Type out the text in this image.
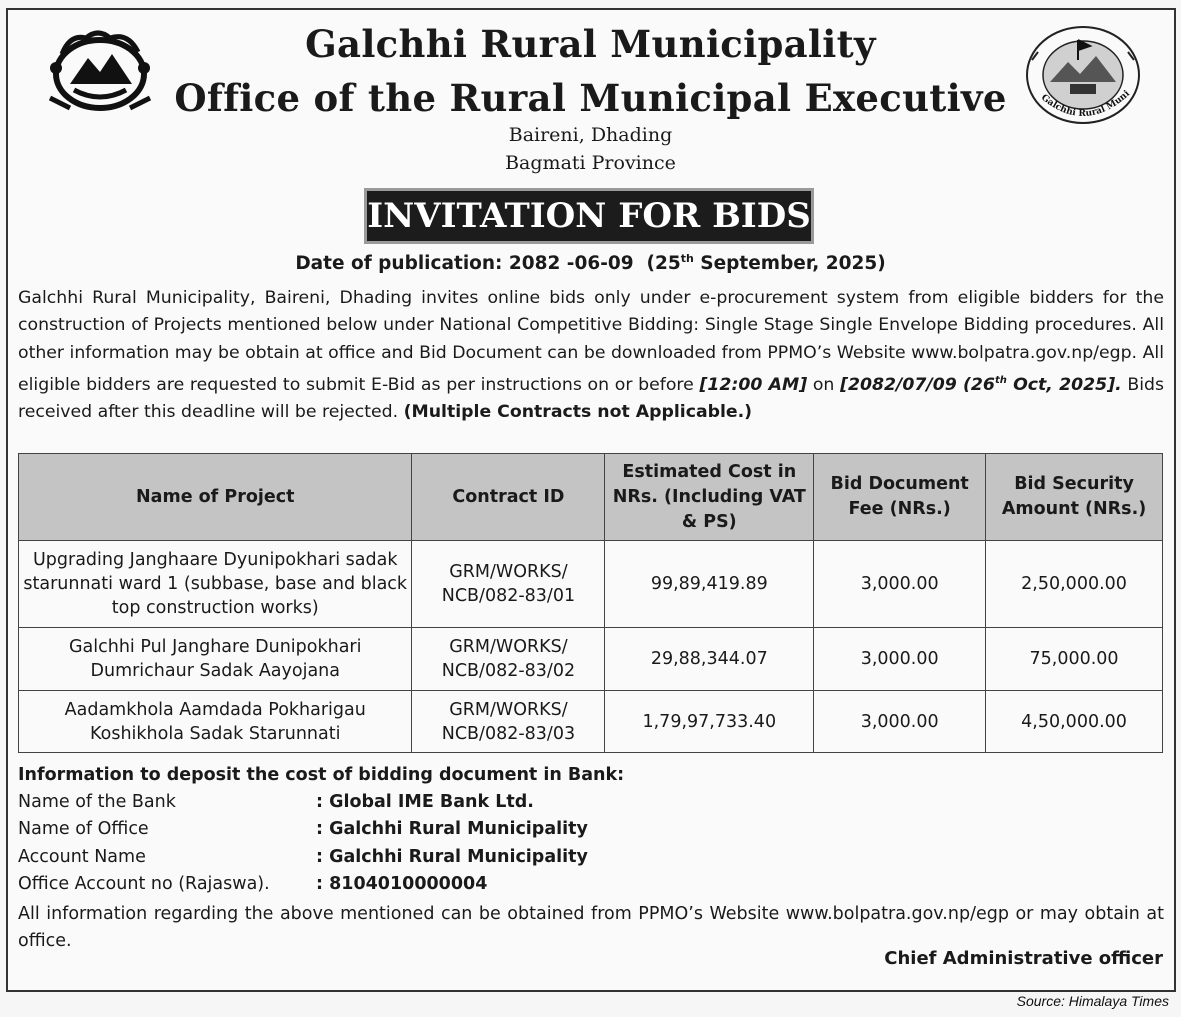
Galchhi Rural Muni
Galchhi Rural Municipality
Office of the Rural Municipal Executive
Baireni, Dhading
Bagmati Province
INVITATION FOR BIDS
Date of publication: 2082 -06-09 (25th September, 2025)

Galchhi Rural Municipality, Baireni, Dhading invites online bids only under e-procurement system from eligible bidders for the construction of Projects mentioned below under National Competitive Bidding: Single Stage Single Envelope Bidding procedures. All other information may be obtain at office and Bid Document can be downloaded from PPMO’s Website www.bolpatra.gov.np/egp. All eligible bidders are requested to submit E-Bid as per instructions on or before [12:00 AM] on [2082/07/09 (26th Oct, 2025]. Bids received after this deadline will be rejected. (Multiple Contracts not Applicable.)

Name of Project	Contract ID	Estimated Cost in NRs. (Including VAT & PS)	Bid Document Fee (NRs.)	Bid Security Amount (NRs.)
Upgrading Janghaare Dyunipokhari sadak starunnati ward 1 (subbase, base and black top construction works)	GRM/WORKS/ NCB/082-83/01	99,89,419.89	3,000.00	2,50,000.00
Galchhi Pul Janghare Dunipokhari Dumrichaur Sadak Aayojana	GRM/WORKS/ NCB/082-83/02	29,88,344.07	3,000.00	75,000.00
Aadamkhola Aamdada Pokharigau Koshikhola Sadak Starunnati	GRM/WORKS/ NCB/082-83/03	1,79,97,733.40	3,000.00	4,50,000.00
Information to deposit the cost of bidding document in Bank:
Name of the Bank	: Global IME Bank Ltd.
Name of Office	: Galchhi Rural Municipality
Account Name	: Galchhi Rural Municipality
Office Account no (Rajaswa).	: 8104010000004

All information regarding the above mentioned can be obtained from PPMO’s Website www.bolpatra.gov.np/egp or may obtain at office.

Chief Administrative officer
Source: Himalaya Times
